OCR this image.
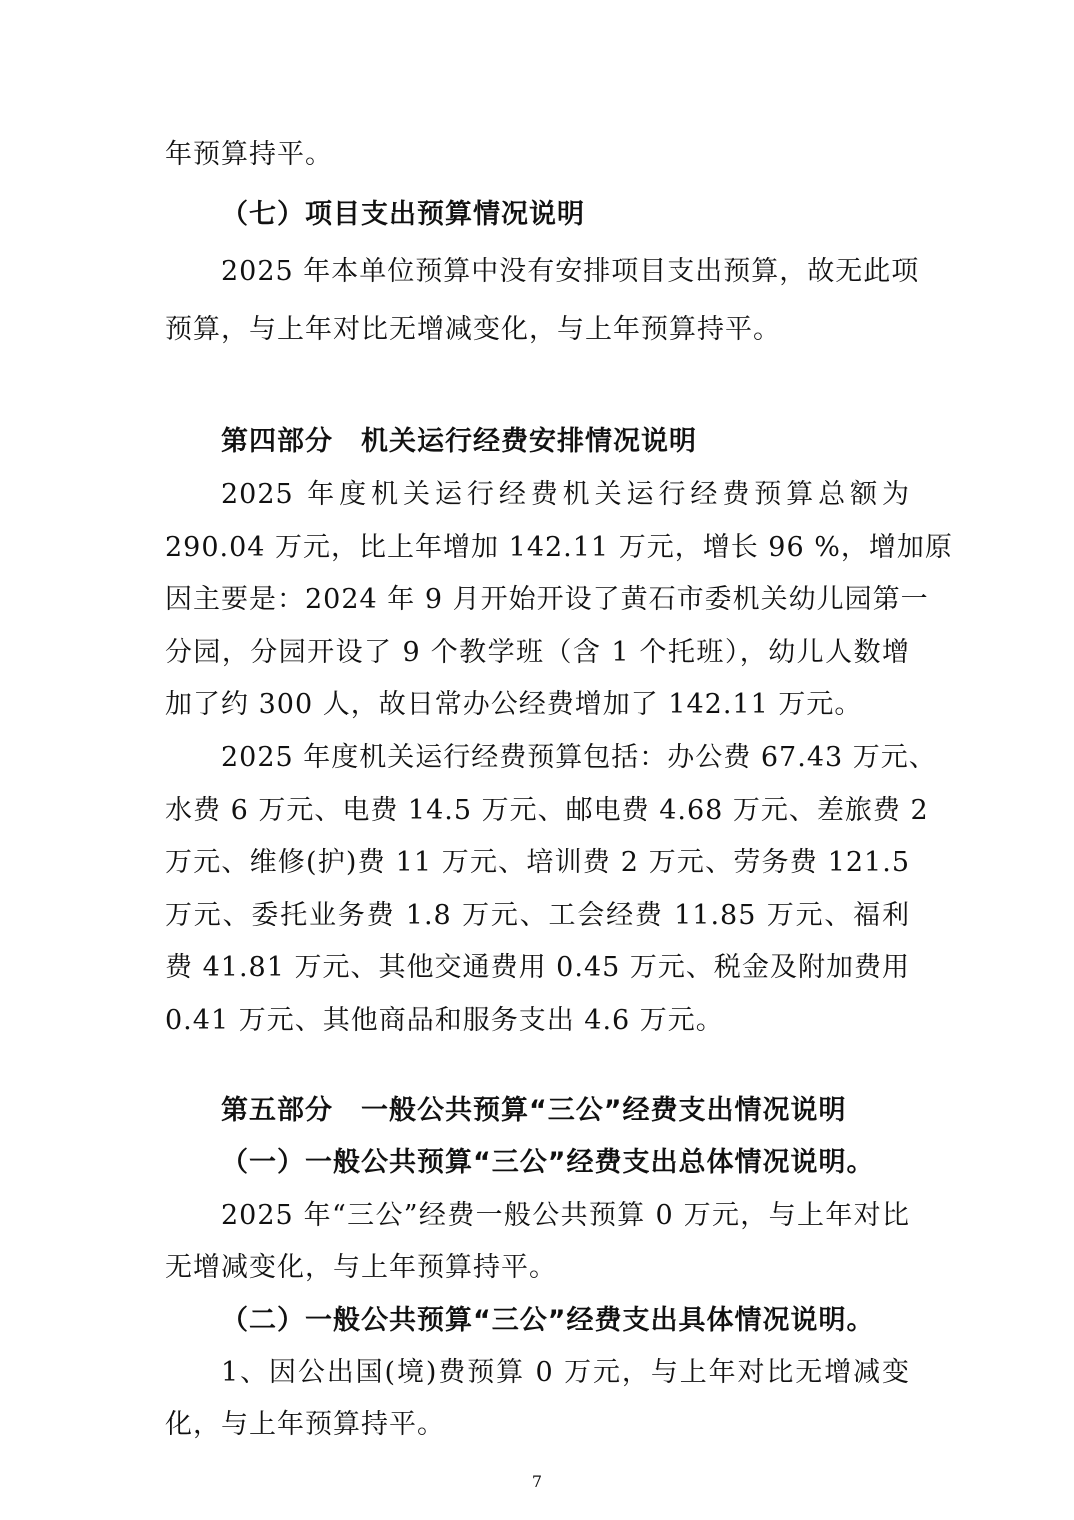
年预算持平。
（七）项目支出预算情况说明
2025 年本单位预算中没有安排项目支出预算，故无此项
预算，与上年对比无增减变化，与上年预算持平。
第四部分　机关运行经费安排情况说明
2025 年度机关运行经费机关运行经费预算总额为
290.04 万元，比上年增加 142.11 万元，增长 96 %，增加原
因主要是：2024 年 9 月开始开设了黄石市委机关幼儿园第一
分园，分园开设了 9 个教学班（含 1 个托班），幼儿人数增
加了约 300 人，故日常办公经费增加了 142.11 万元。
2025 年度机关运行经费预算包括：办公费 67.43 万元、
水费 6 万元、电费 14.5 万元、邮电费 4.68 万元、差旅费 2
万元、维修(护)费 11 万元、培训费 2 万元、劳务费 121.5
万元、委托业务费 1.8 万元、工会经费 11.85 万元、福利
费 41.81 万元、其他交通费用 0.45 万元、税金及附加费用
0.41 万元、其他商品和服务支出 4.6 万元。
第五部分　一般公共预算“三公”经费支出情况说明
（一）一般公共预算“三公”经费支出总体情况说明。
2025 年“三公”经费一般公共预算 0 万元，与上年对比
无增减变化，与上年预算持平。
（二）一般公共预算“三公”经费支出具体情况说明。
1、因公出国(境)费预算 0 万元，与上年对比无增减变
化，与上年预算持平。
7
